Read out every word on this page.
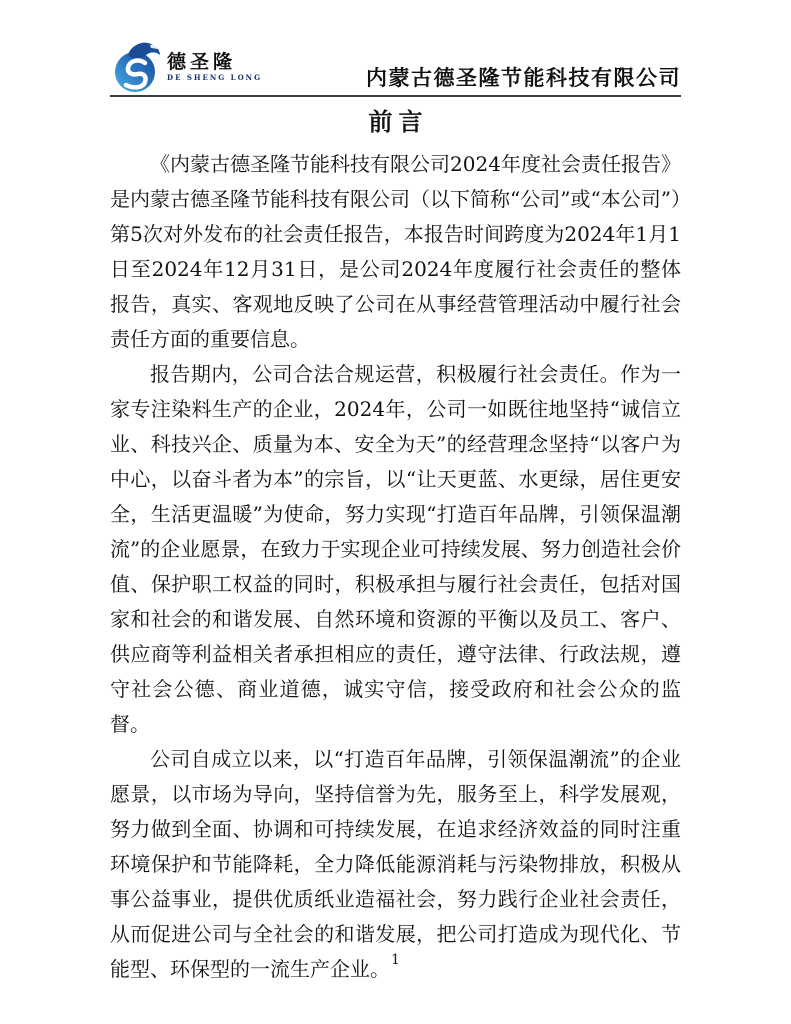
德圣隆
DE SHENG LONG	内蒙古德圣隆节能科技有限公司
前言

《内蒙古德圣隆节能科技有限公司2024年度社会责任报告》是内蒙古德圣隆节能科技有限公司（以下简称“公司”或“本公司”）第5次对外发布的社会责任报告，本报告时间跨度为2024年1月1日至2024年12月31日，是公司2024年度履行社会责任的整体报告，真实、客观地反映了公司在从事经营管理活动中履行社会责任方面的重要信息。

报告期内，公司合法合规运营，积极履行社会责任。作为一家专注染料生产的企业，2024年，公司一如既往地坚持“诚信立业、科技兴企、质量为本、安全为天”的经营理念坚持“以客户为中心，以奋斗者为本”的宗旨，以“让天更蓝、水更绿，居住更安全，生活更温暖”为使命，努力实现“打造百年品牌，引领保温潮流”的企业愿景，在致力于实现企业可持续发展、努力创造社会价值、保护职工权益的同时，积极承担与履行社会责任，包括对国家和社会的和谐发展、自然环境和资源的平衡以及员工、客户、供应商等利益相关者承担相应的责任，遵守法律、行政法规，遵守社会公德、商业道德，诚实守信，接受政府和社会公众的监督。

公司自成立以来，以“打造百年品牌，引领保温潮流”的企业愿景，以市场为导向，坚持信誉为先，服务至上，科学发展观，努力做到全面、协调和可持续发展，在追求经济效益的同时注重环境保护和节能降耗，全力降低能源消耗与污染物排放，积极从事公益事业，提供优质纸业造福社会，努力践行企业社会责任，从而促进公司与全社会的和谐发展，把公司打造成为现代化、节能型、环保型的一流生产企业。 1
